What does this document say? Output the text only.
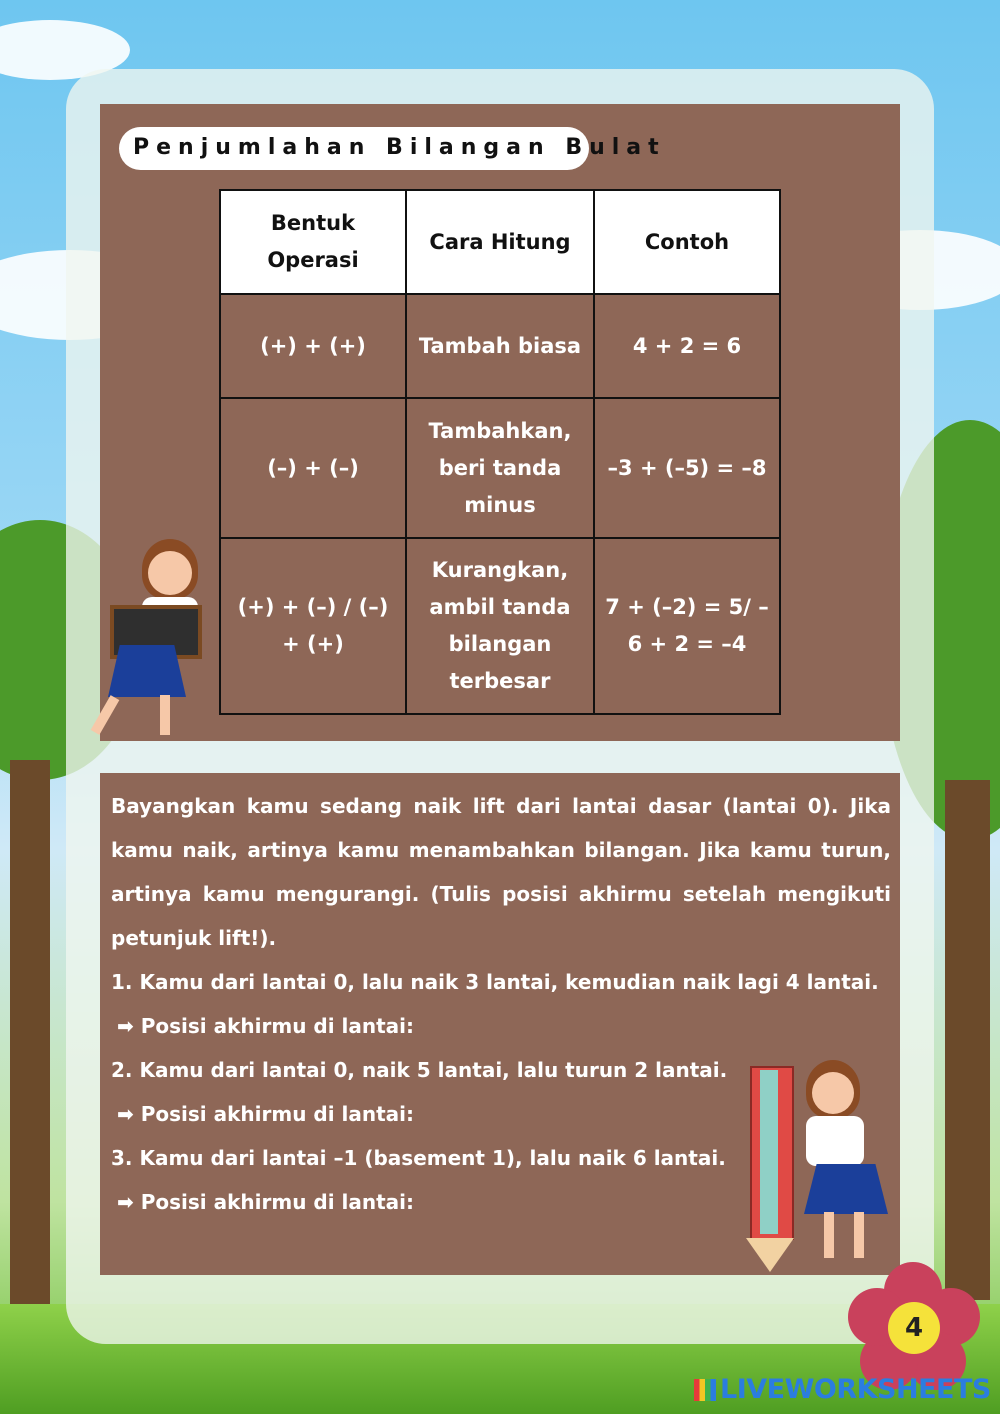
Penjumlahan Bilangan Bulat
Bentuk Operasi	Cara Hitung	Contoh
(+) + (+)	Tambah biasa	4 + 2 = 6
(–) + (–)	Tambahkan, beri tanda minus	–3 + (–5) = –8
(+) + (–) / (–) + (+)	Kurangkan, ambil tanda bilangan terbesar	7 + (–2) = 5/ –6 + 2 = –4
Bayangkan kamu sedang naik lift dari lantai dasar (lantai 0). Jika kamu naik, artinya kamu menambahkan bilangan. Jika kamu turun, artinya kamu mengurangi. (Tulis posisi akhirmu setelah mengikuti petunjuk lift!).
1. Kamu dari lantai 0, lalu naik 3 lantai, kemudian naik lagi 4 lantai.
➡ Posisi akhirmu di lantai:
2. Kamu dari lantai 0, naik 5 lantai, lalu turun 2 lantai.
➡ Posisi akhirmu di lantai:
3. Kamu dari lantai –1 (basement 1), lalu naik 6 lantai.
➡ Posisi akhirmu di lantai:
4
LIVEWORKSHEETS
